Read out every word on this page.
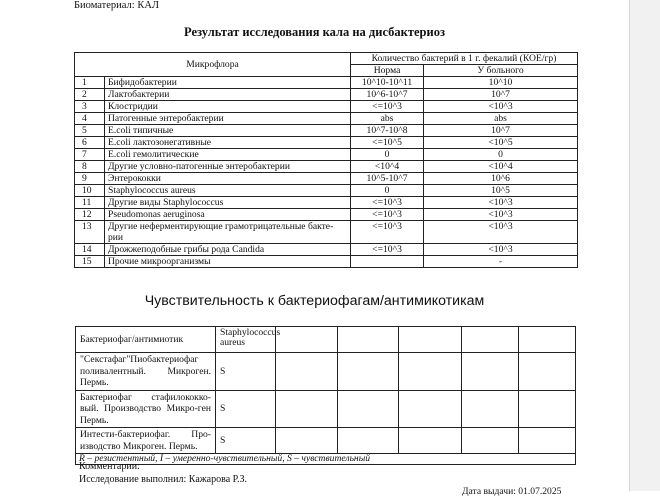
Биоматериал: КАЛ
Результат исследования кала на дисбактериоз
Микрофлора		Количество бактерий в 1 г. фекалий (КОЕ/гр)	
		Норма	У больного
1	Бифидобактерии	10^10-10^11	10^10
2	Лактобактерии	10^6-10^7	10^7
3	Клостридии	<=10^3	<10^3
4	Патогенные энтеробактерии	abs	abs
5	E.coli типичные	10^7-10^8	10^7
6	E.coli лактозонегативные	<=10^5	<10^5
7	E.coli гемолитические	0	0
8	Другие условно-патогенные энтеробактерии	<10^4	<10^4
9	Энтерококки	10^5-10^7	10^6
10	Staphylococcus aureus	0	10^5
11	Другие виды Staphylococcus	<=10^3	<10^3
12	Pseudomonas aeruginosa	<=10^3	<10^3
13	Другие неферментирующие грамотрицательные бакте-рии	<=10^3	<10^3
14	Дрожжеподобные грибы рода Candida	<=10^3	<10^3
15	Прочие микроорганизмы		-
Чувствительность к бактериофагам/антимикотикам
Бактериофаг/антимиотик	Staphylococcus aureus					
"Секстафаг"Пиобактериофаг поливалентный. Микроген. Пермь.	S					
Бактериофаг стафилококко-вый. Производство Микро-ген Пермь.	S					
Интести-бактериофаг. Про-изводство Микроген. Пермь.	S					
R – резистентный, I – умеренно-чувствительный, S – чувствительный						
Комментарии:
Исследование выполнил: Кажарова Р.З.
Дата выдачи: 01.07.2025
